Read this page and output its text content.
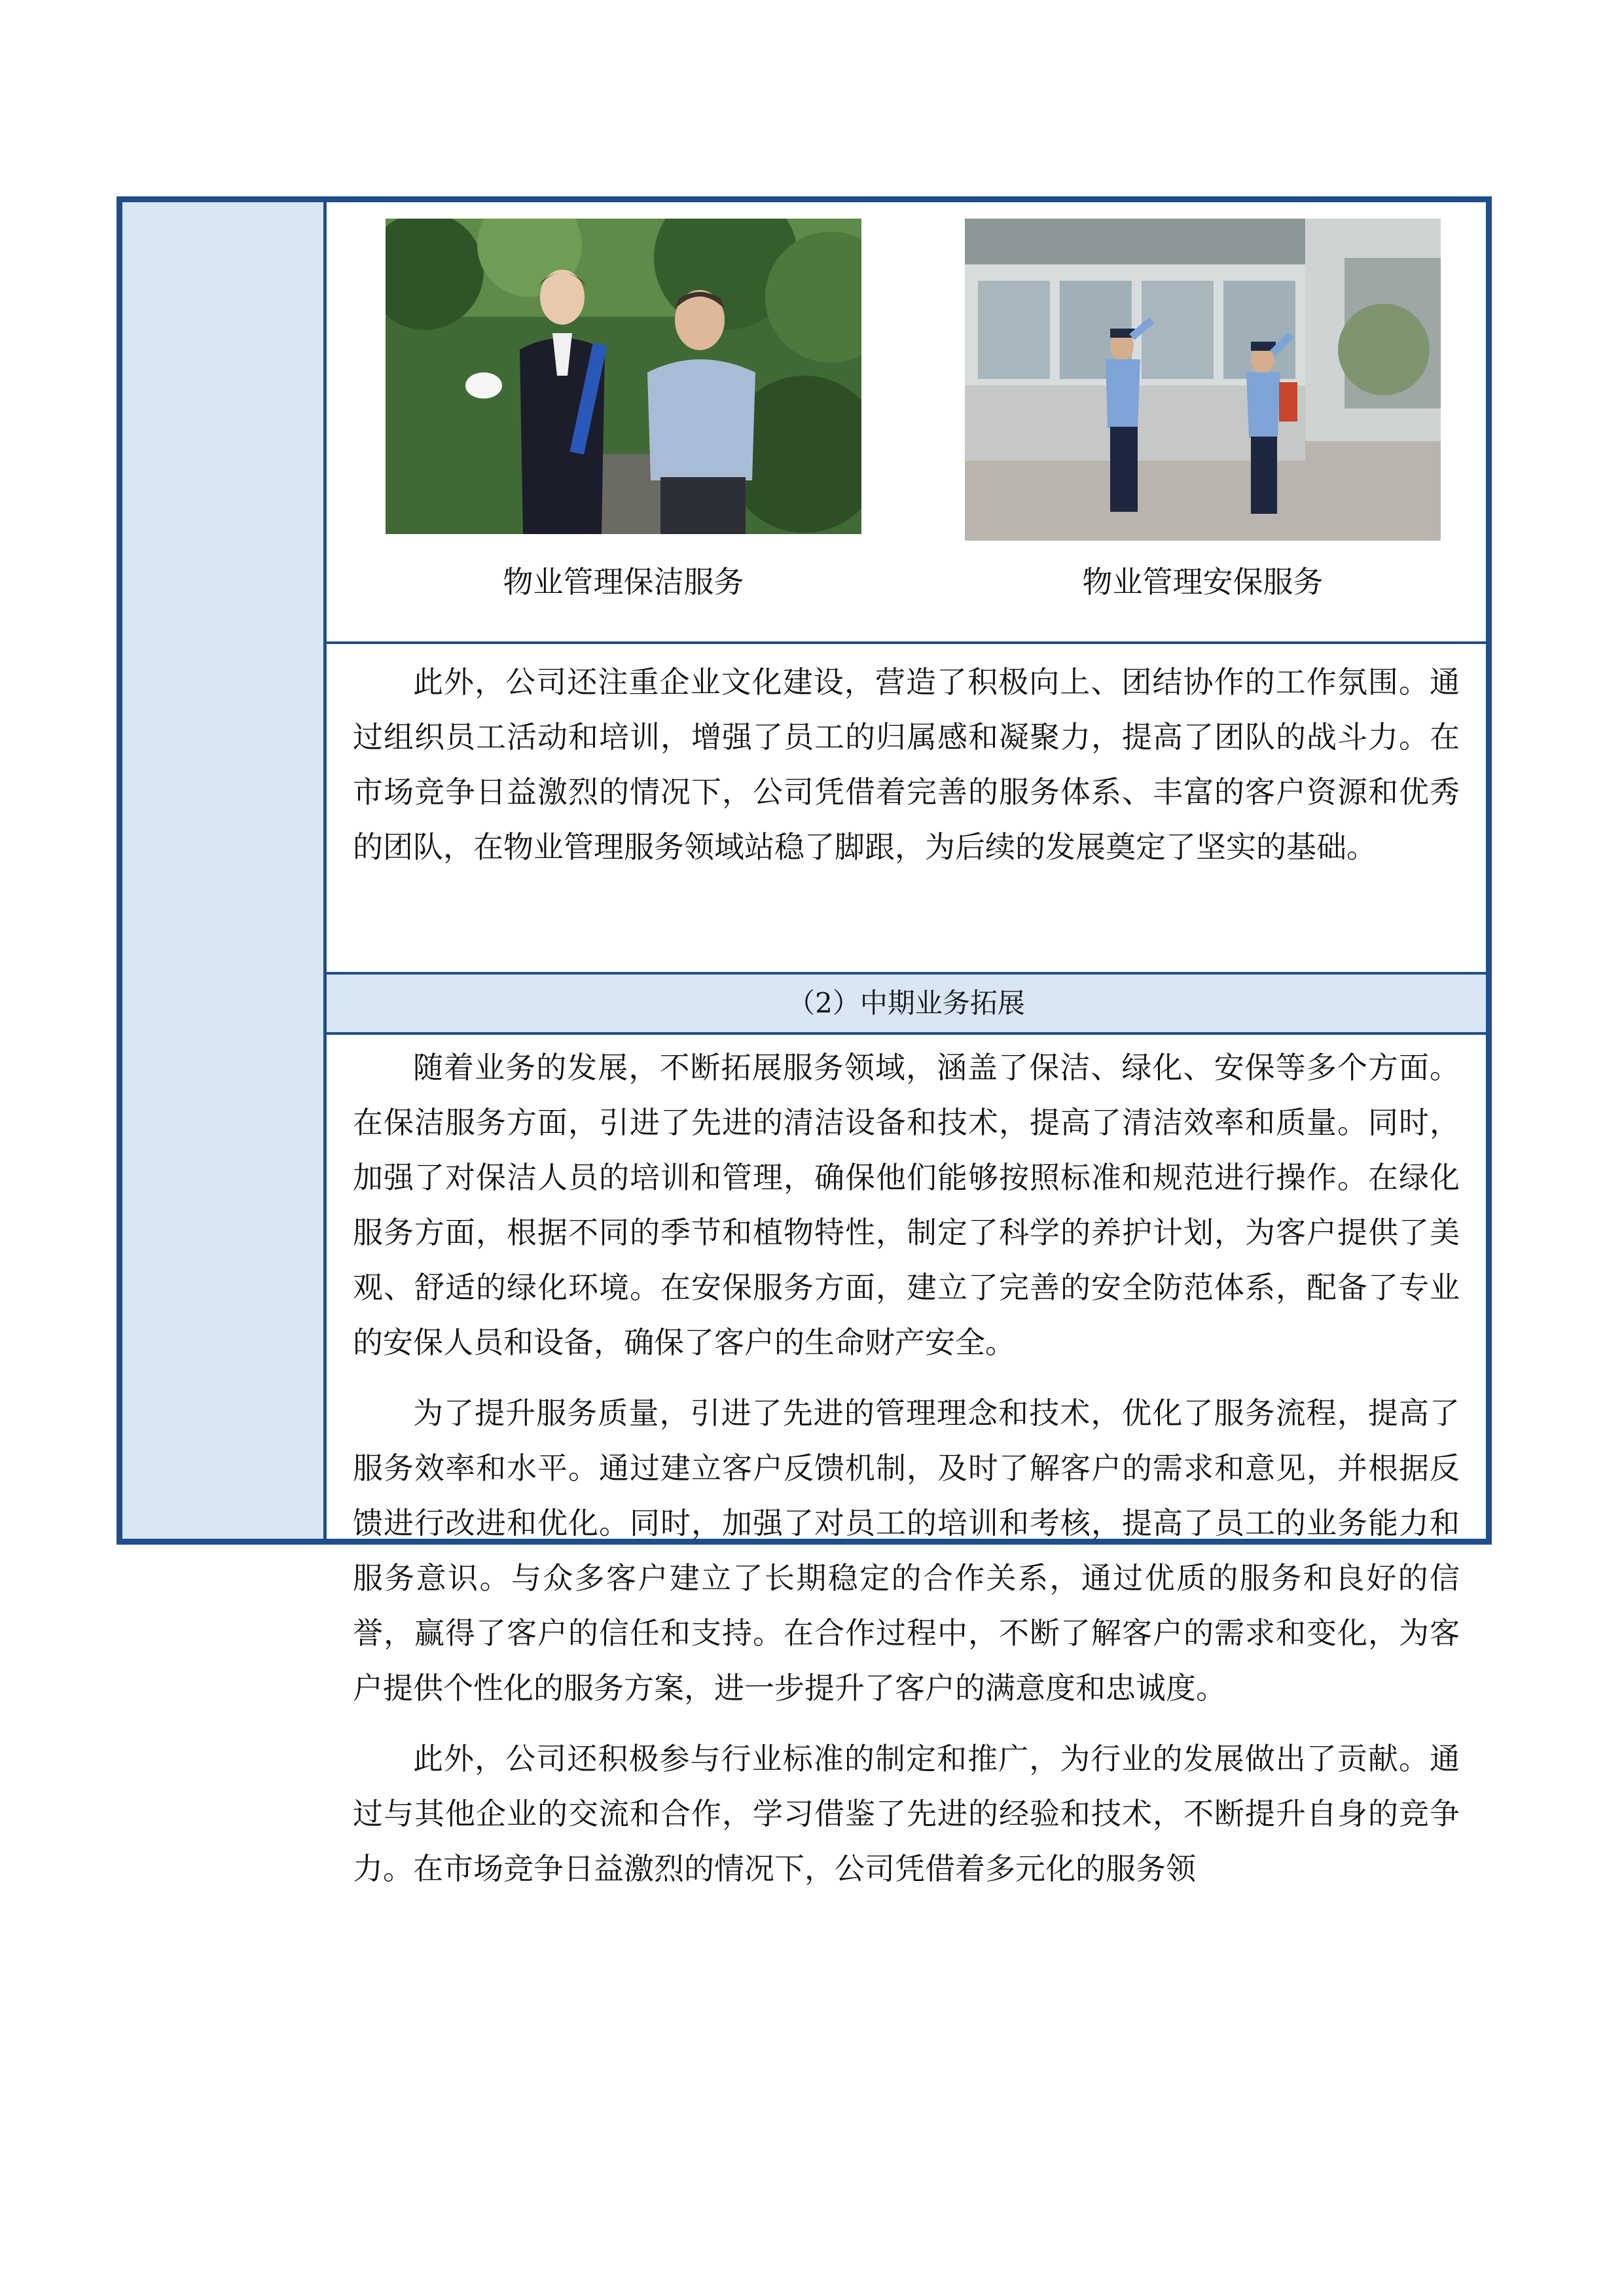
物业管理保洁服务	物业管理安保服务

此外，公司还注重企业文化建设，营造了积极向上、团结协作的工作氛围。通过组织员工活动和培训，增强了员工的归属感和凝聚力，提高了团队的战斗力。在市场竞争日益激烈的情况下，公司凭借着完善的服务体系、丰富的客户资源和优秀的团队，在物业管理服务领域站稳了脚跟，为后续的发展奠定了坚实的基础。

（2）中期业务拓展

随着业务的发展，不断拓展服务领域，涵盖了保洁、绿化、安保等多个方面。在保洁服务方面，引进了先进的清洁设备和技术，提高了清洁效率和质量。同时，加强了对保洁人员的培训和管理，确保他们能够按照标准和规范进行操作。在绿化服务方面，根据不同的季节和植物特性，制定了科学的养护计划，为客户提供了美观、舒适的绿化环境。在安保服务方面，建立了完善的安全防范体系，配备了专业的安保人员和设备，确保了客户的生命财产安全。

为了提升服务质量，引进了先进的管理理念和技术，优化了服务流程，提高了服务效率和水平。通过建立客户反馈机制，及时了解客户的需求和意见，并根据反馈进行改进和优化。同时，加强了对员工的培训和考核，提高了员工的业务能力和服务意识。与众多客户建立了长期稳定的合作关系，通过优质的服务和良好的信誉，赢得了客户的信任和支持。在合作过程中，不断了解客户的需求和变化，为客户提供个性化的服务方案，进一步提升了客户的满意度和忠诚度。

此外，公司还积极参与行业标准的制定和推广，为行业的发展做出了贡献。通过与其他企业的交流和合作，学习借鉴了先进的经验和技术，不断提升自身的竞争力。在市场竞争日益激烈的情况下，公司凭借着多元化的服务领
